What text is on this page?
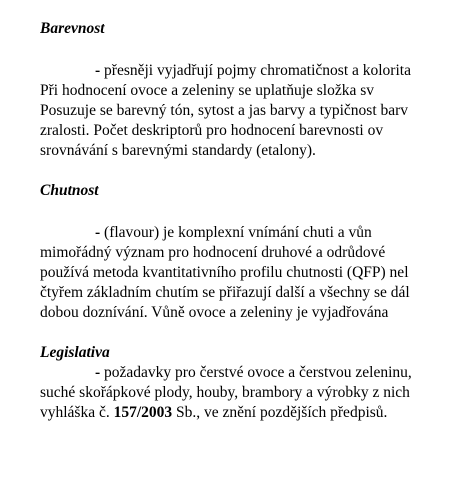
Barevnost
- přesněji vyjadřují pojmy chromatičnost a kolorita
Při hodnocení ovoce a zeleniny se uplatňuje složka sv
Posuzuje se barevný tón, sytost a jas barvy a typičnost barv
zralosti. Počet deskriptorů pro hodnocení barevnosti ov
srovnávání s barevnými standardy (etalony).
Chutnost
- (flavour) je komplexní vnímání chuti a vůn
mimořádný význam pro hodnocení druhové a odrůdové
používá metoda kvantitativního profilu chutnosti (QFP) nel
čtyřem základním chutím se přiřazují další a všechny se dál
dobou doznívání. Vůně ovoce a zeleniny je vyjadřována
Legislativa
- požadavky pro čerstvé ovoce a čerstvou zeleninu,
suché skořápkové plody, houby, brambory a výrobky z nich
vyhláška č. 157/2003 Sb., ve znění pozdějších předpisů.
